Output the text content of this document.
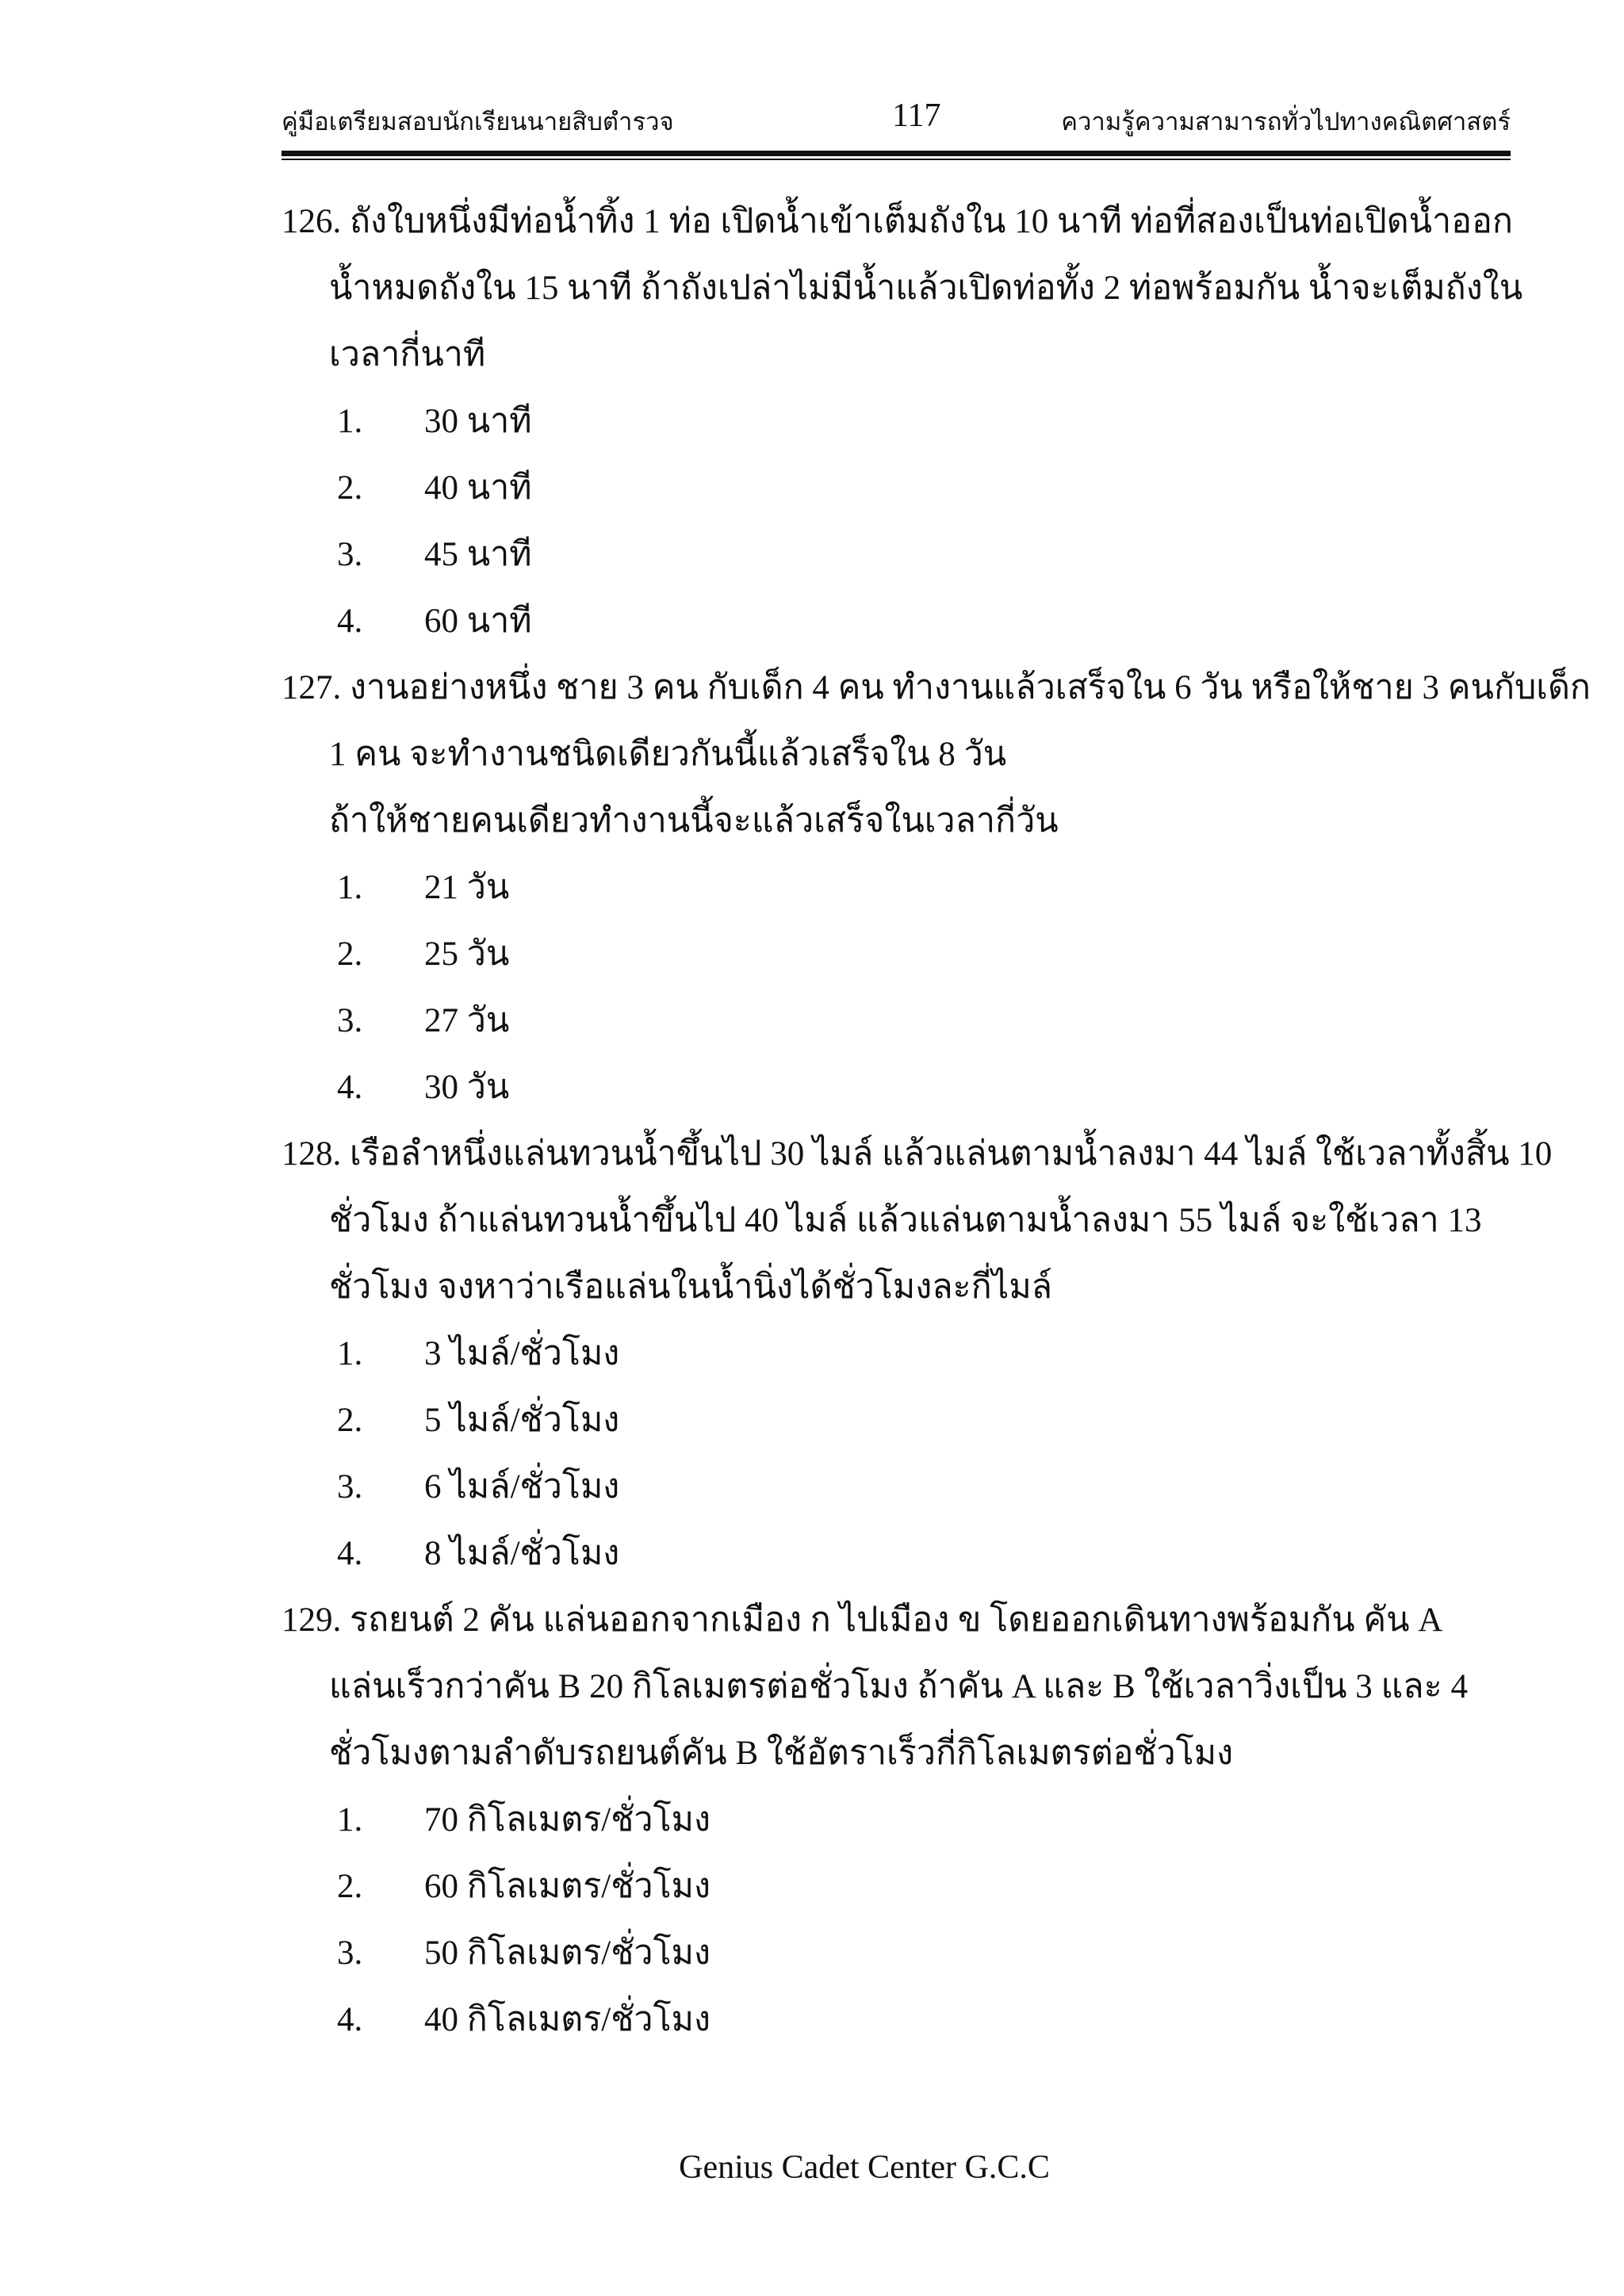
คู่มือเตรียมสอบนักเรียนนายสิบตำรวจ	117	ความรู้ความสามารถทั่วไปทางคณิตศาสตร์
126. ถังใบหนึ่งมีท่อน้ำทิ้ง 1 ท่อ เปิดน้ำเข้าเต็มถังใน 10 นาที ท่อที่สองเป็นท่อเปิดน้ำออก
น้ำหมดถังใน 15 นาที ถ้าถังเปล่าไม่มีน้ำแล้วเปิดท่อทั้ง 2 ท่อพร้อมกัน น้ำจะเต็มถังใน
เวลากี่นาที
1. 30 นาที
2. 40 นาที
3. 45 นาที
4. 60 นาที
127. งานอย่างหนึ่ง ชาย 3 คน กับเด็ก 4 คน ทำงานแล้วเสร็จใน 6 วัน หรือให้ชาย 3 คนกับเด็ก
1 คน จะทำงานชนิดเดียวกันนี้แล้วเสร็จใน 8 วัน
ถ้าให้ชายคนเดียวทำงานนี้จะแล้วเสร็จในเวลากี่วัน
1. 21 วัน
2. 25 วัน
3. 27 วัน
4. 30 วัน
128. เรือลำหนึ่งแล่นทวนน้ำขึ้นไป 30 ไมล์ แล้วแล่นตามน้ำลงมา 44 ไมล์ ใช้เวลาทั้งสิ้น 10
ชั่วโมง ถ้าแล่นทวนน้ำขึ้นไป 40 ไมล์ แล้วแล่นตามน้ำลงมา 55 ไมล์ จะใช้เวลา 13
ชั่วโมง จงหาว่าเรือแล่นในน้ำนิ่งได้ชั่วโมงละกี่ไมล์
1. 3 ไมล์/ชั่วโมง
2. 5 ไมล์/ชั่วโมง
3. 6 ไมล์/ชั่วโมง
4. 8 ไมล์/ชั่วโมง
129. รถยนต์ 2 คัน แล่นออกจากเมือง ก ไปเมือง ข โดยออกเดินทางพร้อมกัน คัน A
แล่นเร็วกว่าคัน B 20 กิโลเมตรต่อชั่วโมง ถ้าคัน A และ B ใช้เวลาวิ่งเป็น 3 และ 4
ชั่วโมงตามลำดับรถยนต์คัน B ใช้อัตราเร็วกี่กิโลเมตรต่อชั่วโมง
1. 70 กิโลเมตร/ชั่วโมง
2. 60 กิโลเมตร/ชั่วโมง
3. 50 กิโลเมตร/ชั่วโมง
4. 40 กิโลเมตร/ชั่วโมง
Genius Cadet Center G.C.C
